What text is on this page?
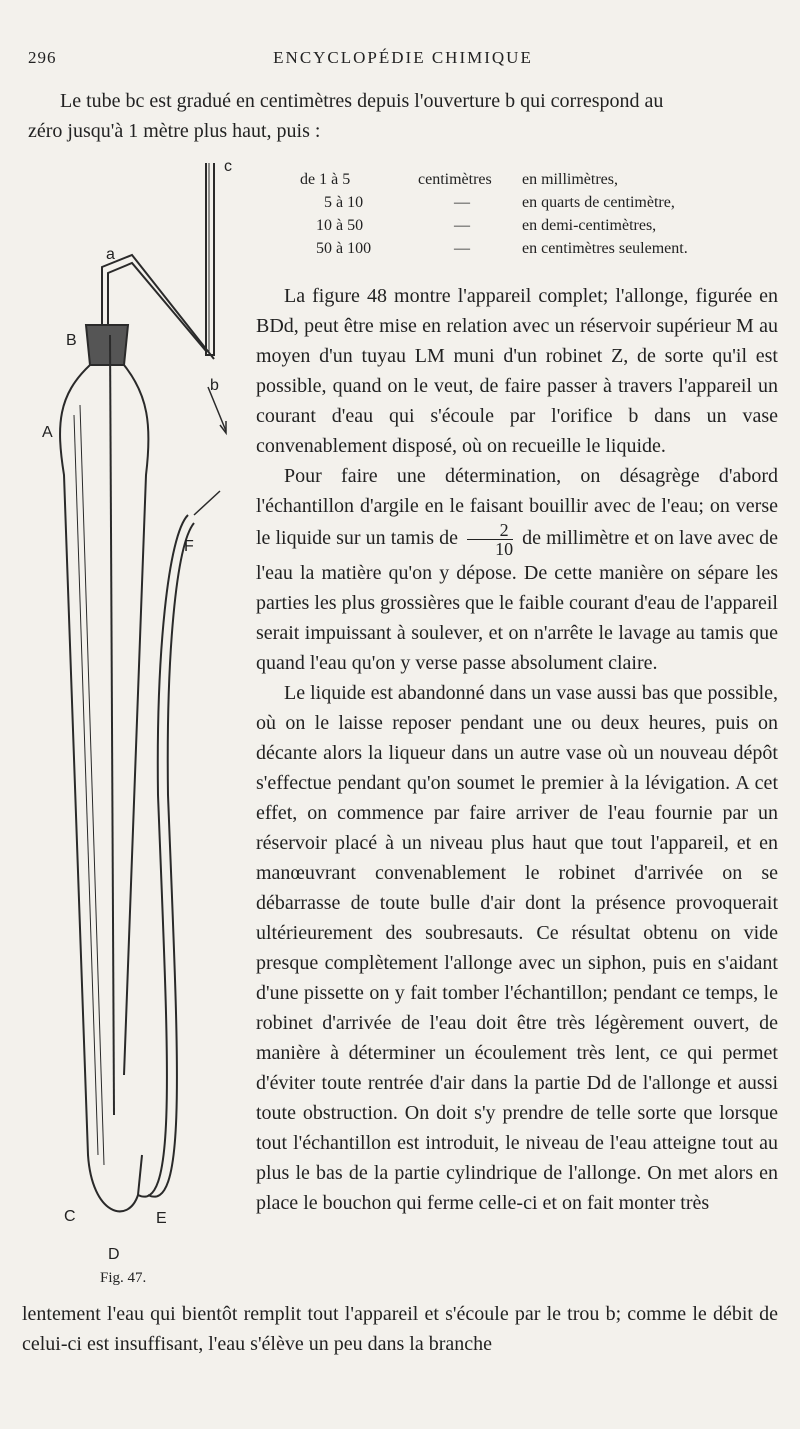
296	ENCYCLOPÉDIE CHIMIQUE
Le tube bc est gradué en centimètres depuis l'ouverture b qui correspond au
zéro jusqu'à 1 mètre plus haut, puis :
de 1 à 5	centimètres	en millimètres,
5 à 10	—	en quarts de centimètre,
10 à 50	—	en demi-centimètres,
50 à 100	—	en centimètres seulement.
c
a
B
b
A
F
C	E
D
Fig. 47.

La figure 48 montre l'appareil complet; l'allonge, figurée en BDd, peut être mise en relation avec un réservoir supérieur M au moyen d'un tuyau LM muni d'un robinet Z, de sorte qu'il est possible, quand on le veut, de faire passer à travers l'appareil un courant d'eau qui s'écoule par l'orifice b dans un vase convenablement disposé, où on recueille le liquide.

Pour faire une détermination, on désagrège d'abord l'échantillon d'argile en le faisant bouillir avec de l'eau; on verse le liquide sur un tamis de $\frac{2}{10}$ de millimètre et on lave avec de l'eau la matière qu'on y dépose. De cette manière on sépare les parties les plus grossières que le faible courant d'eau de l'appareil serait impuissant à soulever, et on n'arrête le lavage au tamis que quand l'eau qu'on y verse passe absolument claire.

Le liquide est abandonné dans un vase aussi bas que possible, où on le laisse reposer pendant une ou deux heures, puis on décante alors la liqueur dans un autre vase où un nouveau dépôt s'effectue pendant qu'on soumet le premier à la lévigation. A cet effet, on commence par faire arriver de l'eau fournie par un réservoir placé à un niveau plus haut que tout l'appareil, et en manœuvrant convenablement le robinet d'arrivée on se débarrasse de toute bulle d'air dont la présence provoquerait ultérieurement des soubresauts. Ce résultat obtenu on vide presque complètement l'allonge avec un siphon, puis en s'aidant d'une pissette on y fait tomber l'échantillon; pendant ce temps, le robinet d'arrivée de l'eau doit être très légèrement ouvert, de manière à déterminer un écoulement très lent, ce qui permet d'éviter toute rentrée d'air dans la partie Dd de l'allonge et aussi toute obstruction. On doit s'y prendre de telle sorte que lorsque tout l'échantillon est introduit, le niveau de l'eau atteigne tout au plus le bas de la partie cylindrique de l'allonge. On met alors en place le bouchon qui ferme celle-ci et on fait monter très

lentement l'eau qui bientôt remplit tout l'appareil et s'écoule par le trou b; comme le débit de celui-ci est insuffisant, l'eau s'élève un peu dans la branche
